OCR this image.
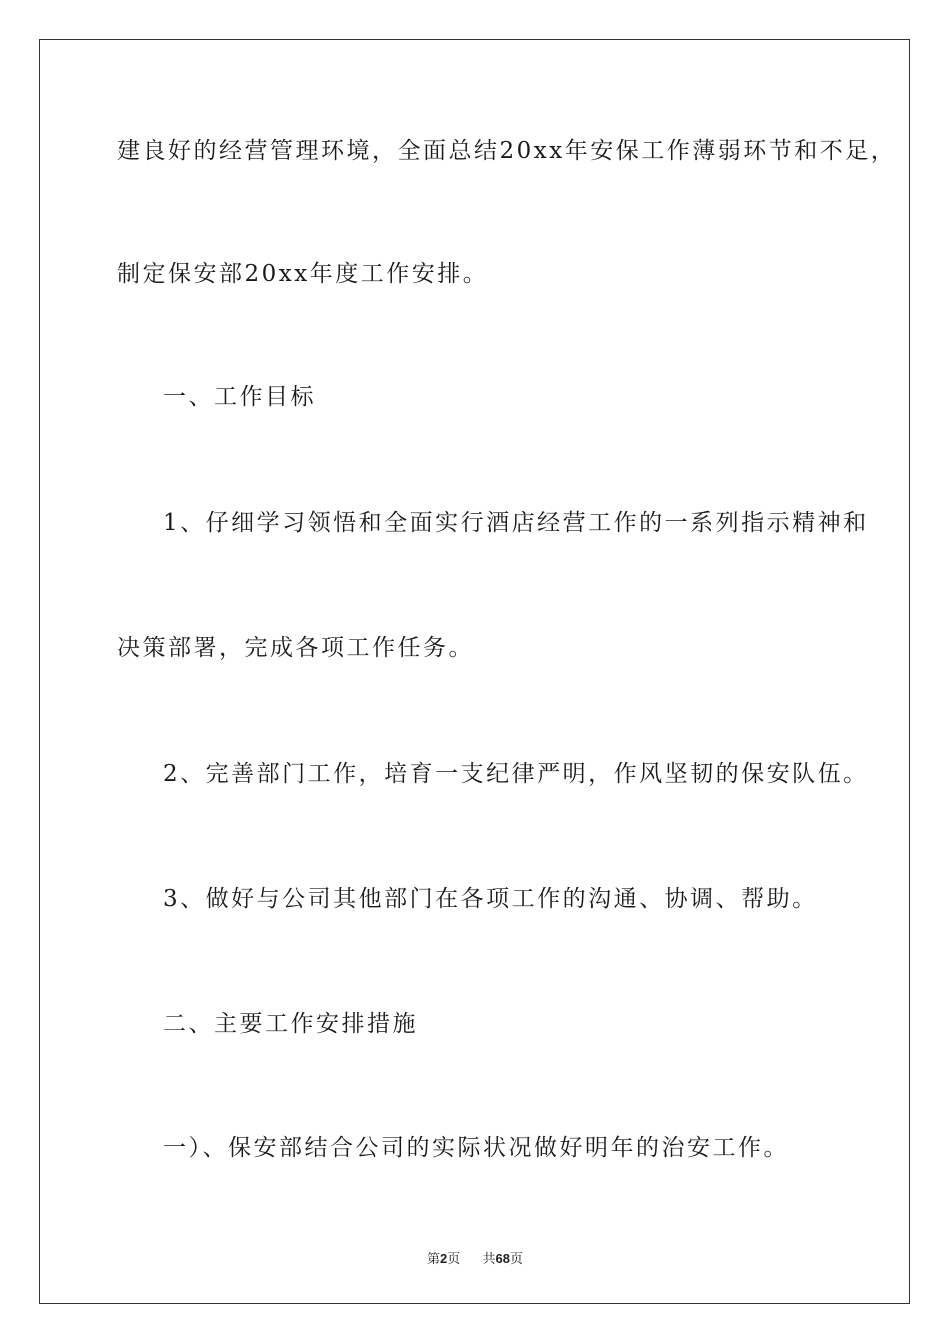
建良好的经营管理环境，全面总结20xx年安保工作薄弱环节和不足，
制定保安部20xx年度工作安排。
一、工作目标
1、仔细学习领悟和全面实行酒店经营工作的一系列指示精神和
决策部署，完成各项工作任务。
2、完善部门工作，培育一支纪律严明，作风坚韧的保安队伍。
3、做好与公司其他部门在各项工作的沟通、协调、帮助。
二、主要工作安排措施
一）、保安部结合公司的实际状况做好明年的治安工作。
第2页 共68页
